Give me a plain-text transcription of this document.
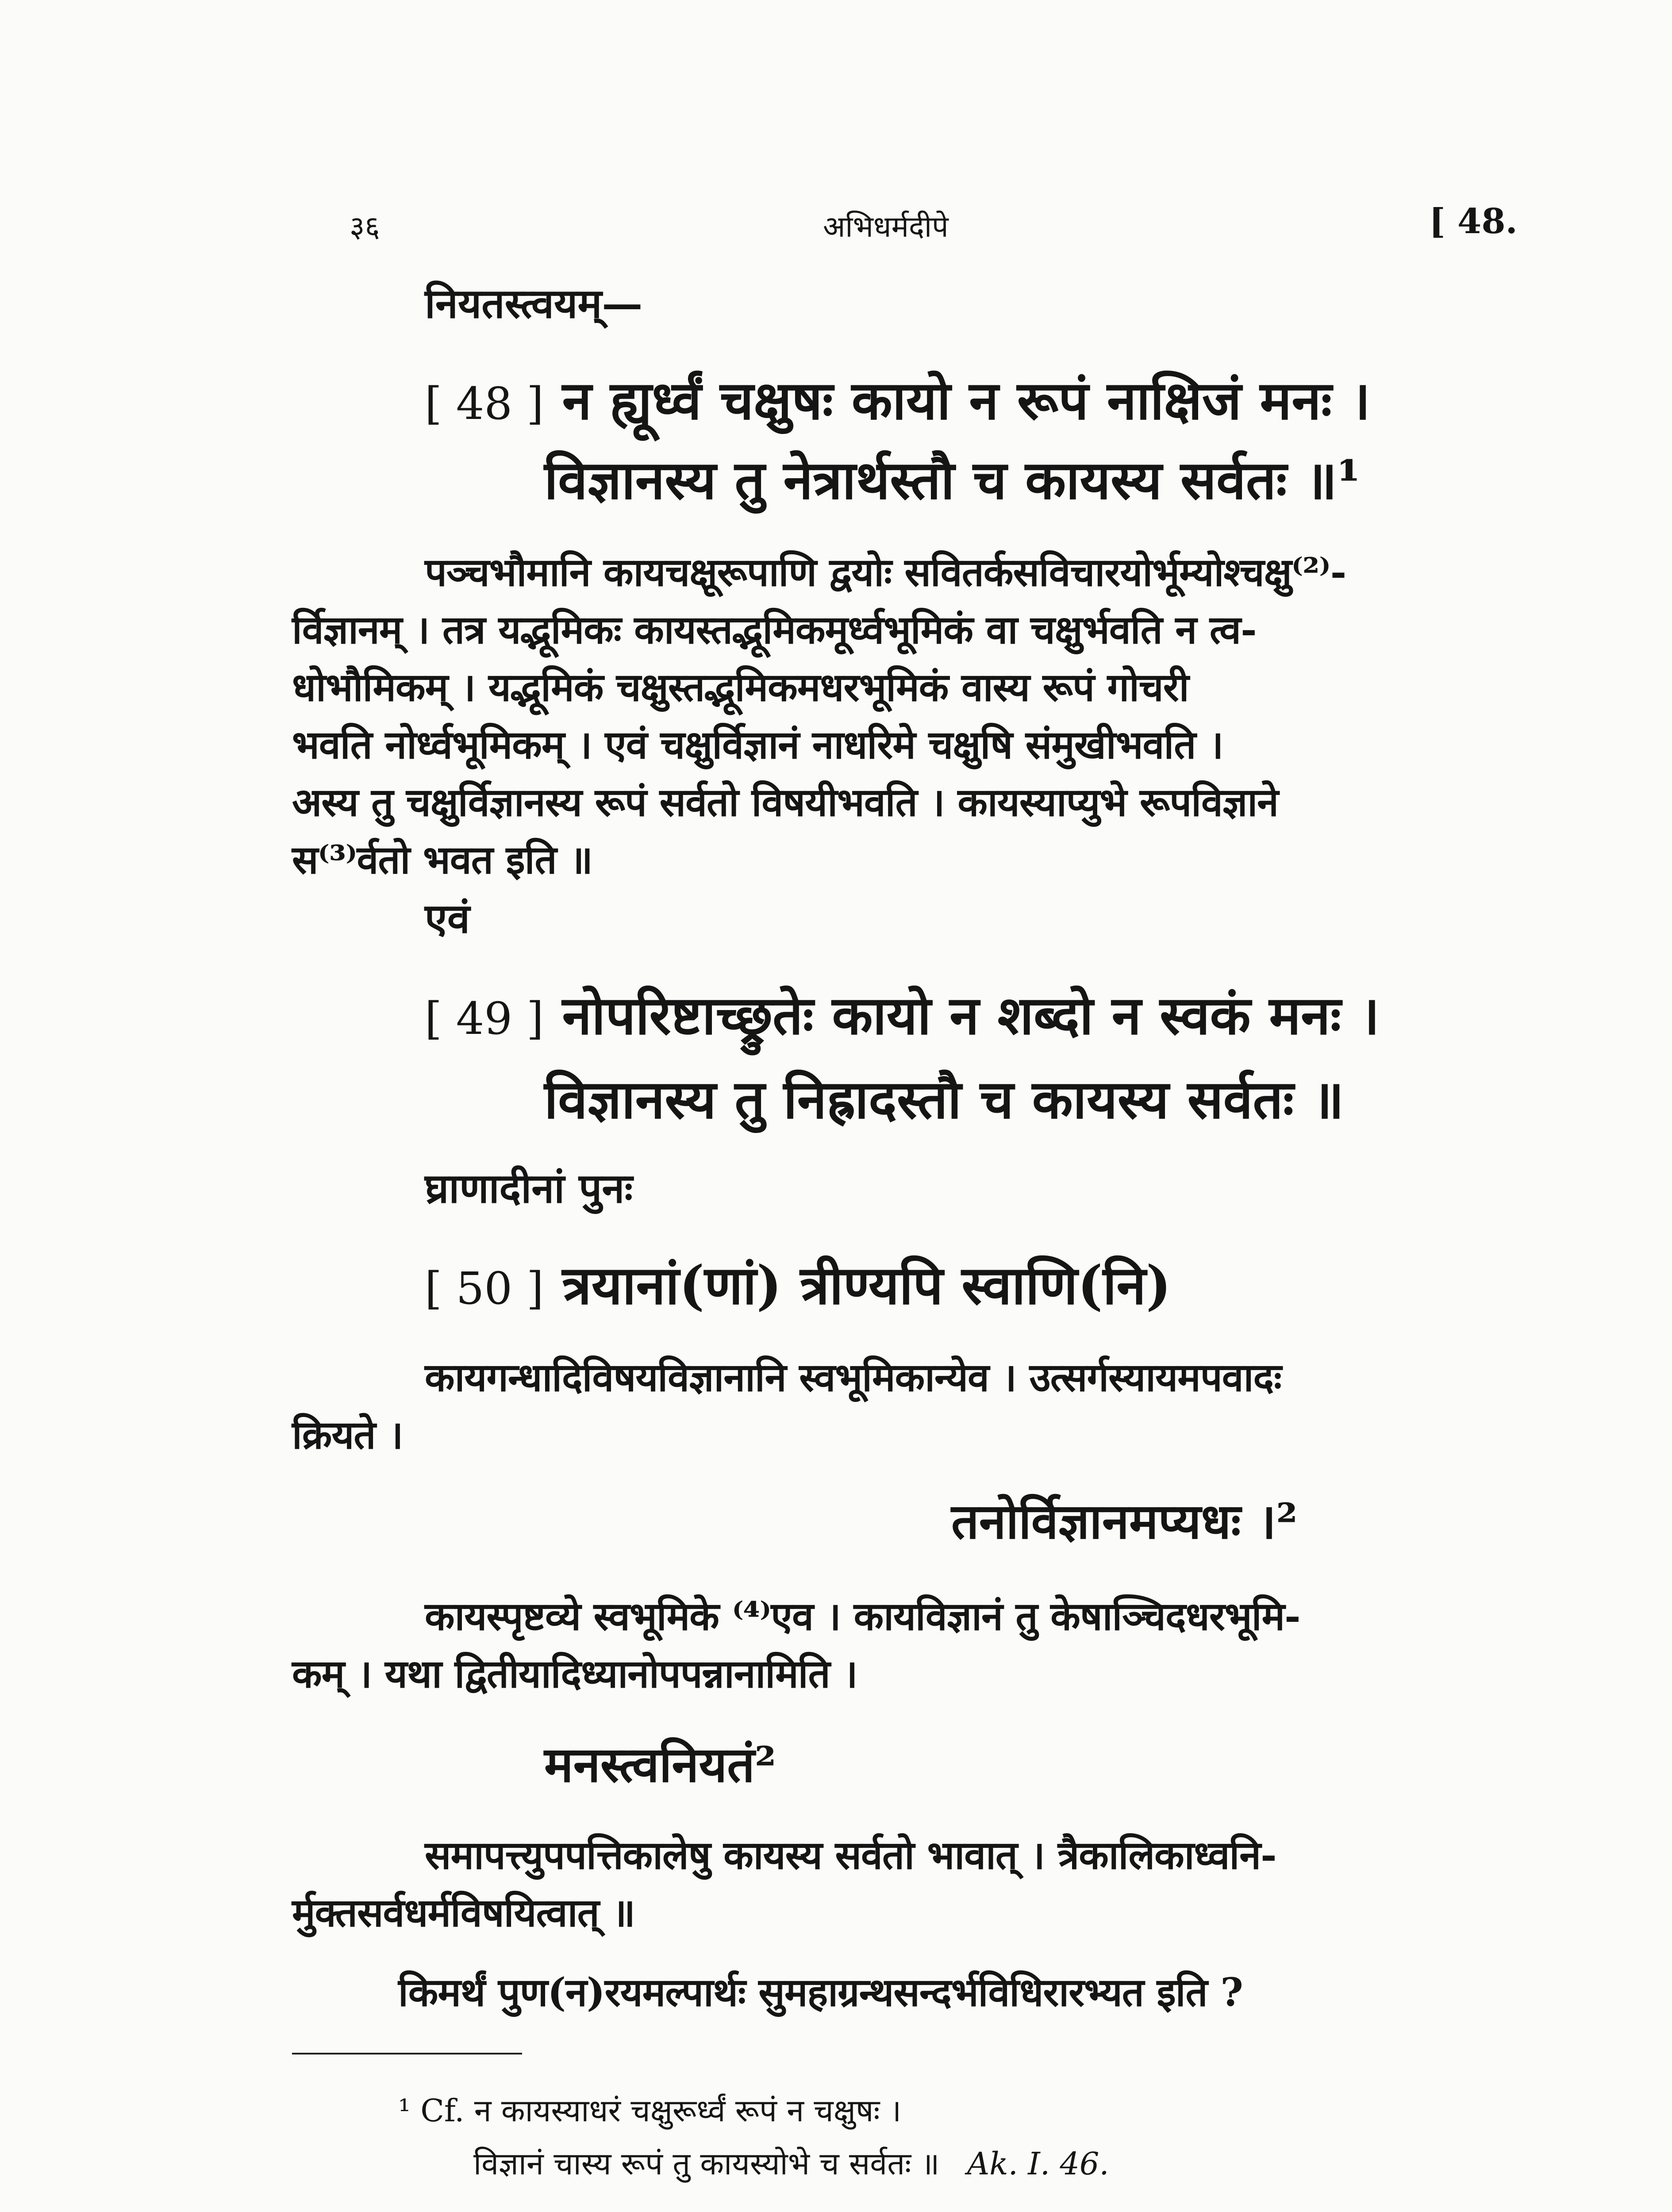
३६	अभिधर्मदीपे	[ 48.
नियतस्त्वयम्—
[ 48 ] न ह्यूर्ध्वं चक्षुषः कायो न रूपं नाक्षिजं मनः ।
विज्ञानस्य तु नेत्रार्थस्तौ च कायस्य सर्वतः ॥¹
पञ्चभौमानि कायचक्षूरूपाणि द्वयोः सवितर्कसविचारयोर्भूम्योश्चक्षु⁽²⁾-
र्विज्ञानम् । तत्र यद्भूमिकः कायस्तद्भूमिकमूर्ध्वभूमिकं वा चक्षुर्भवति न त्व-
धोभौमिकम् । यद्भूमिकं चक्षुस्तद्भूमिकमधरभूमिकं वास्य रूपं गोचरी
भवति नोर्ध्वभूमिकम् । एवं चक्षुर्विज्ञानं नाधरिमे चक्षुषि संमुखीभवति ।
अस्य तु चक्षुर्विज्ञानस्य रूपं सर्वतो विषयीभवति । कायस्याप्युभे रूपविज्ञाने
स⁽³⁾र्वतो भवत इति ॥
एवं
[ 49 ] नोपरिष्टाच्छ्रुतेः कायो न शब्दो न स्वकं मनः ।
विज्ञानस्य तु निह्रादस्तौ च कायस्य सर्वतः ॥
घ्राणादीनां पुनः
[ 50 ] त्रयानां(णां) त्रीण्यपि स्वाणि(नि)
कायगन्धादिविषयविज्ञानानि स्वभूमिकान्येव । उत्सर्गस्यायमपवादः
क्रियते ।
तनोर्विज्ञानमप्यधः ।²
कायस्पृष्टव्ये स्वभूमिके ⁽⁴⁾एव । कायविज्ञानं तु केषाञ्चिदधरभूमि-
कम् । यथा द्वितीयादिध्यानोपपन्नानामिति ।
मनस्त्वनियतं²
समापत्त्युपपत्तिकालेषु कायस्य सर्वतो भावात् । त्रैकालिकाध्वनि-
र्मुक्तसर्वधर्मविषयित्वात् ॥
किमर्थं पुण(न)रयमल्पार्थः सुमहाग्रन्थसन्दर्भविधिरारभ्यत इति ?
¹ Cf. न कायस्याधरं चक्षुरूर्ध्वं रूपं न चक्षुषः ।
विज्ञानं चास्य रूपं तु कायस्योभे च सर्वतः ॥ Ak. I. 46.
